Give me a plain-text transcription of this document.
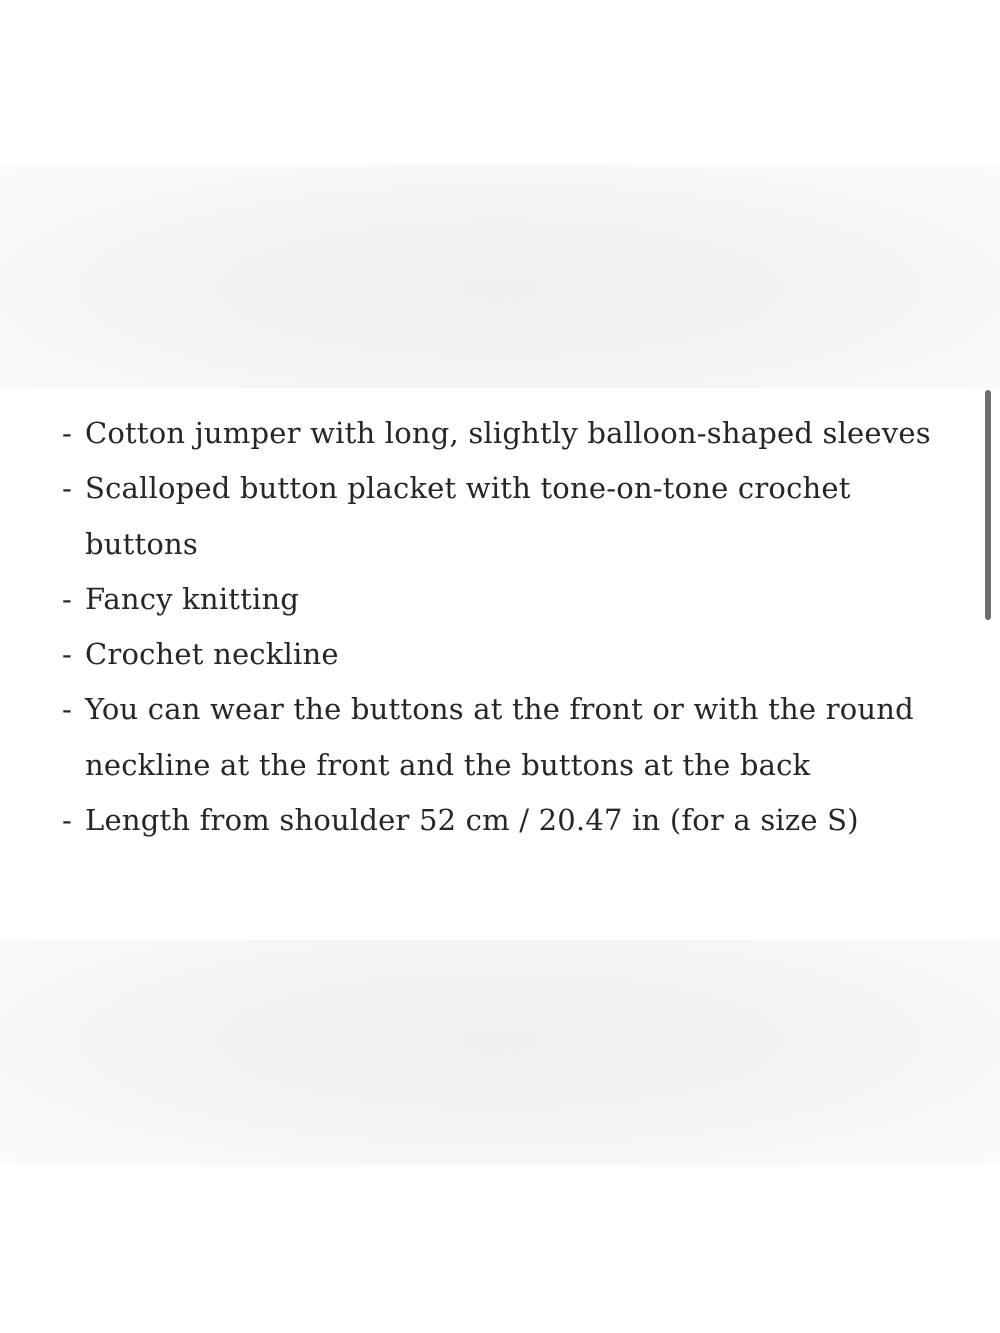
- Cotton jumper with long, slightly balloon-shaped sleeves
- Scalloped button placket with tone-on-tone crochet buttons
- Fancy knitting
- Crochet neckline
- You can wear the buttons at the front or with the round neckline at the front and the buttons at the back
- Length from shoulder 52 cm / 20.47 in (for a size S)
